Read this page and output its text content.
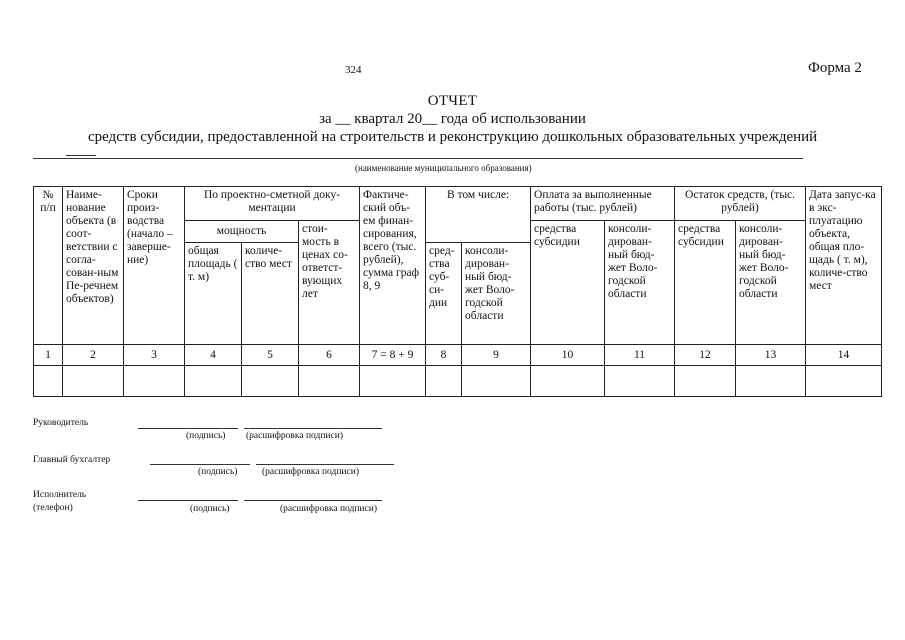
324	Форма 2
ОТЧЕТ
за __ квартал 20__ года об использовании
средств субсидии, предоставленной на строительств и реконструкцию дошкольных образовательных учреждений
(наименование муниципального образования)
№ п/п	Наиме-нование объекта (в соот-ветствии с согла-сован-ным Пе-речнем объектов)	Сроки произ-водства (начало – заверше-ние)	По проектно-сметной доку-ментации			Фактиче-ский объ-ем финан-сирования, всего (тыс. рублей), сумма граф 8, 9	В том числе:		Оплата за выполненные работы (тыс. рублей)		Остаток средств, (тыс. рублей)		Дата запус-ка в экс-плуатацию объекта, общая пло-щадь ( т. м), количе-ство мест
			мощность		стои-мость в ценах со-ответст-вующих лет				средства субсидии	консоли-дирован-ный бюд-жет Воло-годской области	средства субсидии	консоли-дирован-ный бюд-жет Воло-годской области	
			общая площадь ( т. м)	количе-ство мест			сред-ства суб-си-дии	консоли-дирован-ный бюд-жет Воло-годской области					
1	2	3	4	5	6	7 = 8 + 9	8	9	10	11	12	13	14

Руководитель
(подпись) (расшифровка подписи)
Главный бухгалтер
(подпись)	(расшифровка подписи)
Исполнитель
(телефон)	(подпись)	(расшифровка подписи)
